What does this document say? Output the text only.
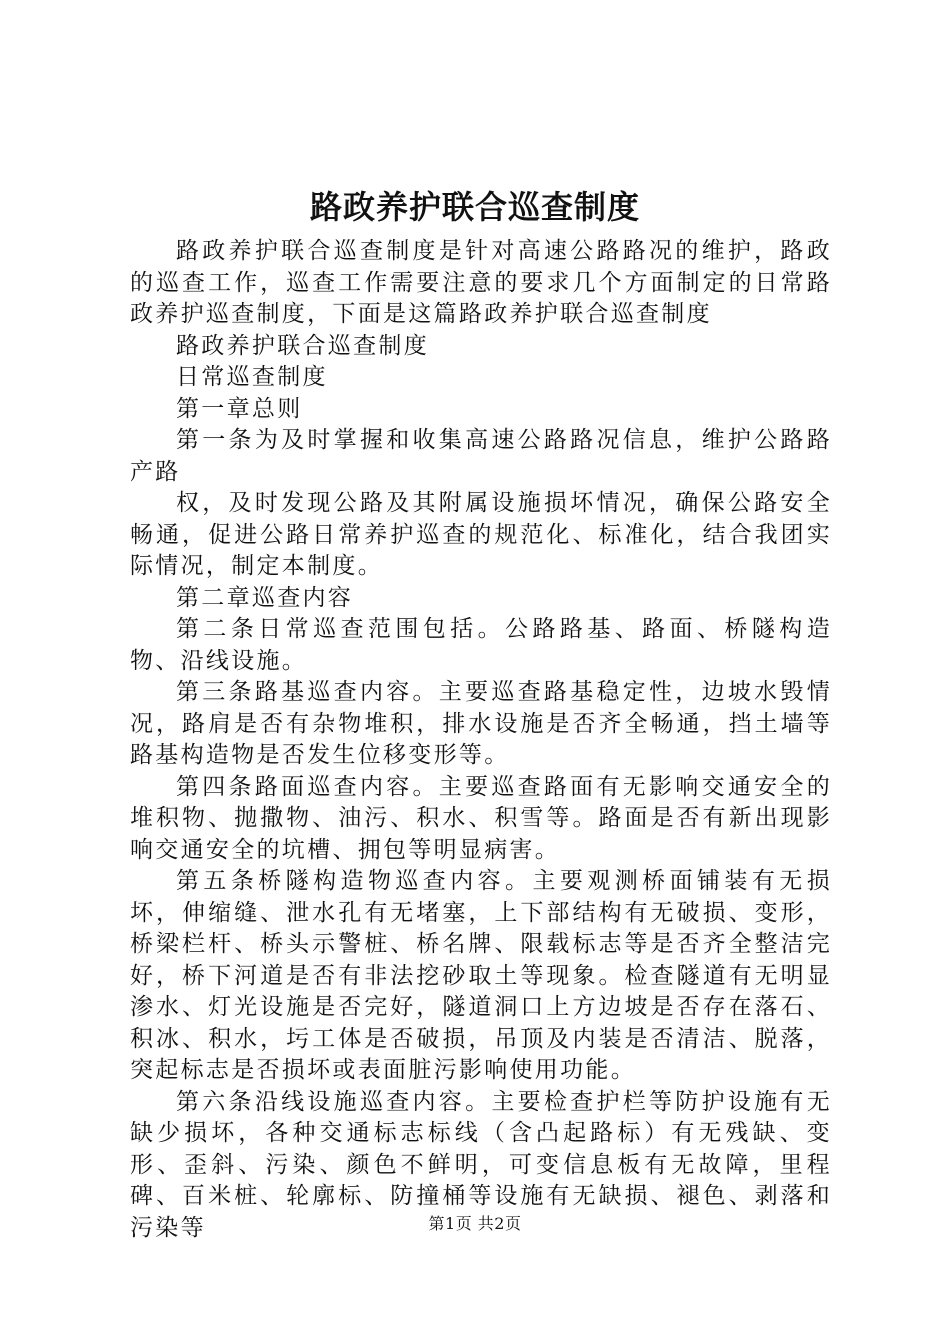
路政养护联合巡查制度

路政养护联合巡查制度是针对高速公路路况的维护，路政的巡查工作，巡查工作需要注意的要求几个方面制定的日常路政养护巡查制度，下面是这篇路政养护联合巡查制度

路政养护联合巡查制度

日常巡查制度

第一章总则

第一条为及时掌握和收集高速公路路况信息，维护公路路产路

权，及时发现公路及其附属设施损坏情况，确保公路安全畅通，促进公路日常养护巡查的规范化、标准化，结合我团实际情况，制定本制度。

第二章巡查内容

第二条日常巡查范围包括。公路路基、路面、桥隧构造物、沿线设施。

第三条路基巡查内容。主要巡查路基稳定性，边坡水毁情况，路肩是否有杂物堆积，排水设施是否齐全畅通，挡土墙等路基构造物是否发生位移变形等。

第四条路面巡查内容。主要巡查路面有无影响交通安全的堆积物、抛撒物、油污、积水、积雪等。路面是否有新出现影响交通安全的坑槽、拥包等明显病害。

第五条桥隧构造物巡查内容。主要观测桥面铺装有无损坏，伸缩缝、泄水孔有无堵塞，上下部结构有无破损、变形，桥梁栏杆、桥头示警桩、桥名牌、限载标志等是否齐全整洁完好，桥下河道是否有非法挖砂取土等现象。检查隧道有无明显渗水、灯光设施是否完好，隧道洞口上方边坡是否存在落石、积冰、积水，圬工体是否破损，吊顶及内装是否清洁、脱落，突起标志是否损坏或表面脏污影响使用功能。

第六条沿线设施巡查内容。主要检查护栏等防护设施有无缺少损坏，各种交通标志标线（含凸起路标）有无残缺、变形、歪斜、污染、颜色不鲜明，可变信息板有无故障，里程碑、百米桩、轮廓标、防撞桶等设施有无缺损、褪色、剥落和污染等	第1页 共2页
